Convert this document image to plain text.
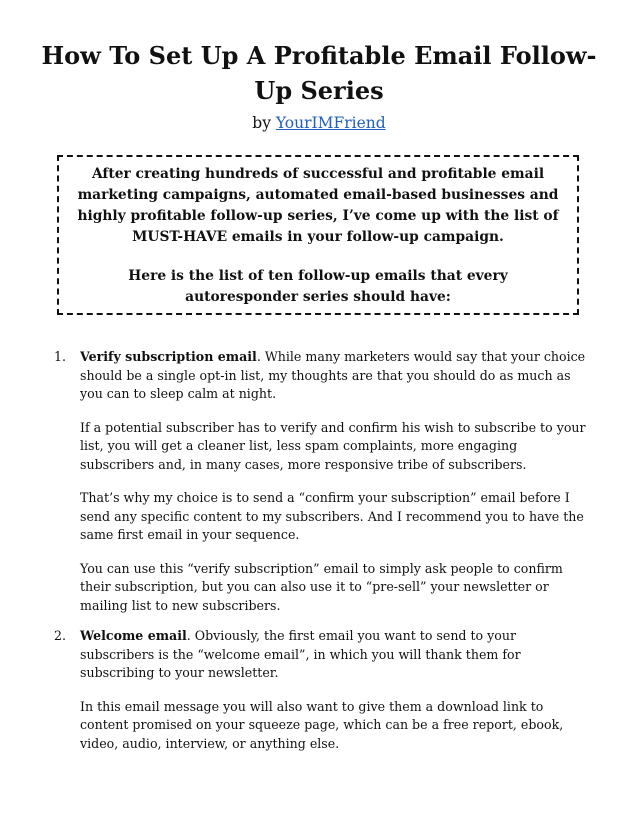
How To Set Up A Profitable Email Follow-Up Series
by YourIMFriend

After creating hundreds of successful and profitable email marketing campaigns, automated email-based businesses and highly profitable follow-up series, I’ve come up with the list of MUST-HAVE emails in your follow-up campaign.

Here is the list of ten follow-up emails that every autoresponder series should have:

1. Verify subscription email. While many marketers would say that your choice should be a single opt-in list, my thoughts are that you should do as much as you can to sleep calm at night.

If a potential subscriber has to verify and confirm his wish to subscribe to your list, you will get a cleaner list, less spam complaints, more engaging subscribers and, in many cases, more responsive tribe of subscribers.

That’s why my choice is to send a “confirm your subscription” email before I send any specific content to my subscribers. And I recommend you to have the same first email in your sequence.

You can use this “verify subscription” email to simply ask people to confirm their subscription, but you can also use it to “pre-sell” your newsletter or mailing list to new subscribers.

2. Welcome email. Obviously, the first email you want to send to your subscribers is the “welcome email”, in which you will thank them for subscribing to your newsletter.

In this email message you will also want to give them a download link to content promised on your squeeze page, which can be a free report, ebook, video, audio, interview, or anything else.
